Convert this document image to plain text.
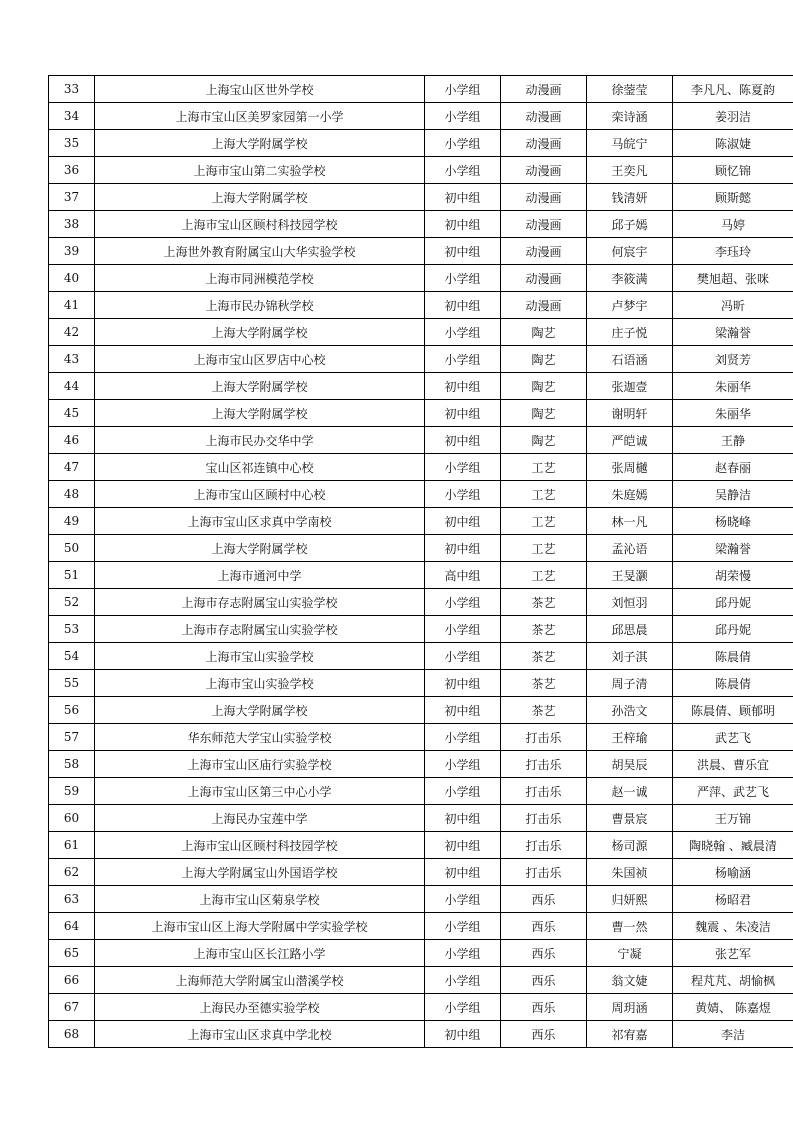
33	上海宝山区世外学校	小学组	动漫画	徐蓥莹	李凡凡、陈夏韵
34	上海市宝山区美罗家园第一小学	小学组	动漫画	栾诗涵	姜羽洁
35	上海大学附属学校	小学组	动漫画	马皖宁	陈淑婕
36	上海市宝山第二实验学校	小学组	动漫画	王奕凡	顾忆锦
37	上海大学附属学校	初中组	动漫画	钱清妍	顾斯懿
38	上海市宝山区顾村科技园学校	初中组	动漫画	邱子嫣	马婷
39	上海世外教育附属宝山大华实验学校	初中组	动漫画	何宸宇	李珏玲
40	上海市同洲模范学校	小学组	动漫画	李筱满	樊旭超、张咪
41	上海市民办锦秋学校	初中组	动漫画	卢梦宇	冯昕
42	上海大学附属学校	小学组	陶艺	庄子悦	梁瀚誉
43	上海市宝山区罗店中心校	小学组	陶艺	石语涵	刘贤芳
44	上海大学附属学校	初中组	陶艺	张迦壹	朱丽华
45	上海大学附属学校	初中组	陶艺	谢明轩	朱丽华
46	上海市民办交华中学	初中组	陶艺	严皑诚	王静
47	宝山区祁连镇中心校	小学组	工艺	张周樾	赵春丽
48	上海市宝山区顾村中心校	小学组	工艺	朱庭嫣	吴静洁
49	上海市宝山区求真中学南校	初中组	工艺	林一凡	杨晓峰
50	上海大学附属学校	初中组	工艺	孟沁语	梁瀚誉
51	上海市通河中学	高中组	工艺	王旻灏	胡荣慢
52	上海市存志附属宝山实验学校	小学组	茶艺	刘恒羽	邱丹妮
53	上海市存志附属宝山实验学校	小学组	茶艺	邱思晨	邱丹妮
54	上海市宝山实验学校	小学组	茶艺	刘子淇	陈晨倩
55	上海市宝山实验学校	初中组	茶艺	周子清	陈晨倩
56	上海大学附属学校	初中组	茶艺	孙浩文	陈晨倩、顾郁明
57	华东师范大学宝山实验学校	小学组	打击乐	王梓瑜	武艺飞
58	上海市宝山区庙行实验学校	小学组	打击乐	胡昊辰	洪晨、曹乐宜
59	上海市宝山区第三中心小学	小学组	打击乐	赵一诚	严萍、武艺飞
60	上海民办宝莲中学	初中组	打击乐	曹景宸	王万锦
61	上海市宝山区顾村科技园学校	初中组	打击乐	杨司源	陶晓翰 、臧晨清
62	上海大学附属宝山外国语学校	初中组	打击乐	朱国祯	杨喻涵
63	上海市宝山区菊泉学校	小学组	西乐	归妍熙	杨昭君
64	上海市宝山区上海大学附属中学实验学校	小学组	西乐	曹一然	魏震 、朱凌洁
65	上海市宝山区长江路小学	小学组	西乐	宁凝	张艺军
66	上海师范大学附属宝山潜溪学校	小学组	西乐	翁文婕	程芃芃、胡愉枫
67	上海民办至德实验学校	小学组	西乐	周玥涵	黄婧、 陈嘉煜
68	上海市宝山区求真中学北校	初中组	西乐	祁宥嘉	李洁
